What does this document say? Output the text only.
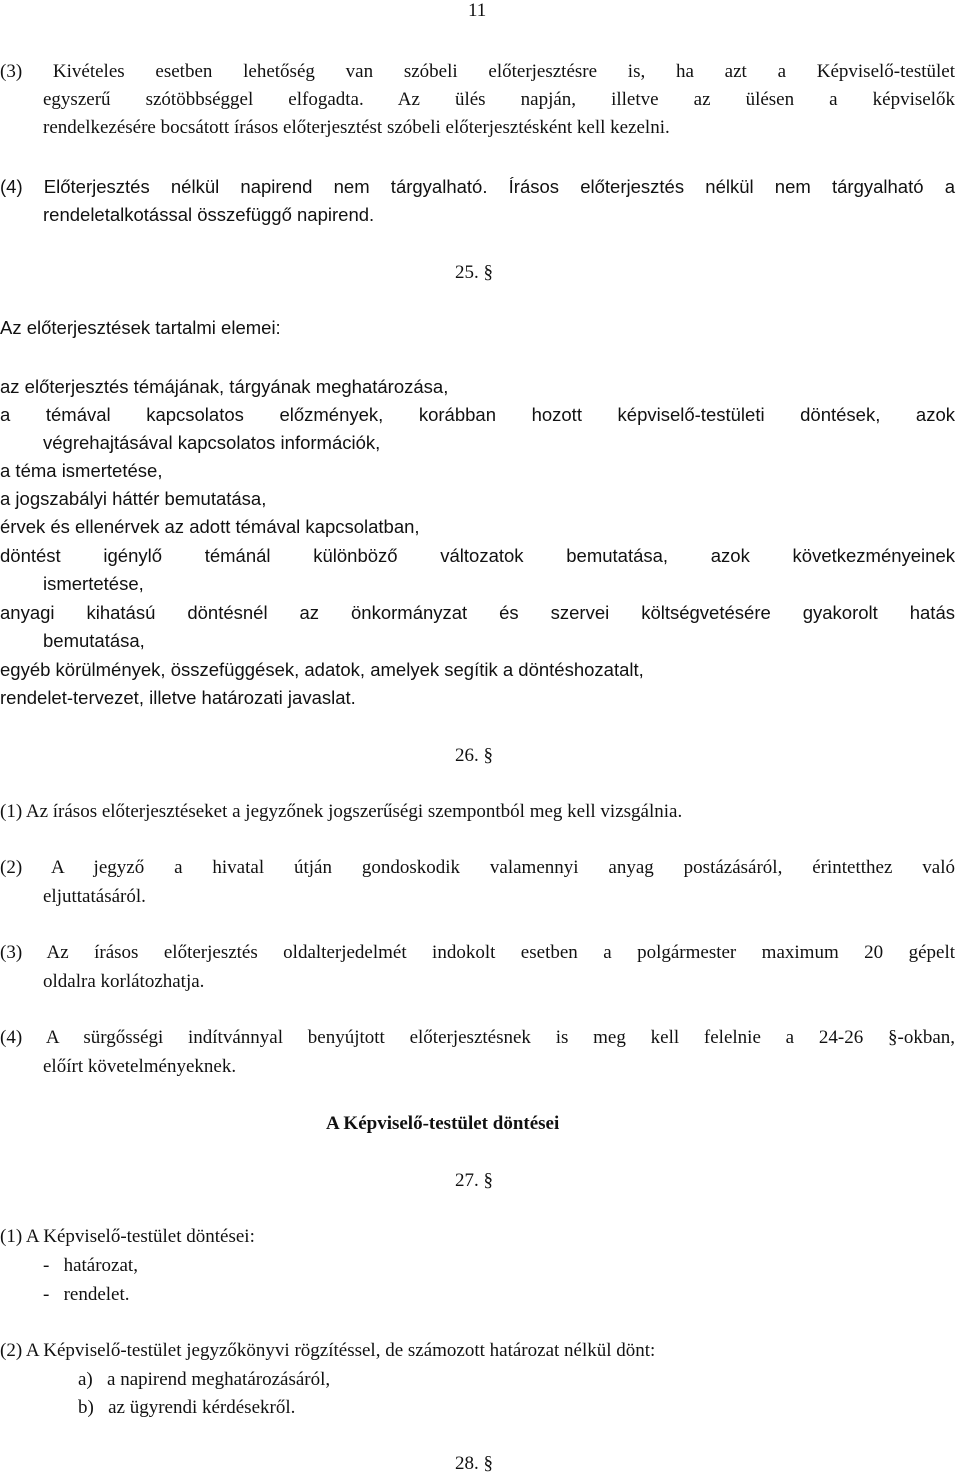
11
(3) Kivételes esetben lehetőség van szóbeli előterjesztésre is, ha azt a Képviselő-testület
egyszerű szótöbbséggel elfogadta. Az ülés napján, illetve az ülésen a képviselők
rendelkezésére bocsátott írásos előterjesztést szóbeli előterjesztésként kell kezelni.
(4) Előterjesztés nélkül napirend nem tárgyalható. Írásos előterjesztés nélkül nem tárgyalható a
rendeletalkotással összefüggő napirend.
25. §
Az előterjesztések tartalmi elemei:
az előterjesztés témájának, tárgyának meghatározása,
a témával kapcsolatos előzmények, korábban hozott képviselő-testületi döntések, azok
végrehajtásával kapcsolatos információk,
a téma ismertetése,
a jogszabályi háttér bemutatása,
érvek és ellenérvek az adott témával kapcsolatban,
döntést igénylő témánál különböző változatok bemutatása, azok következményeinek
ismertetése,
anyagi kihatású döntésnél az önkormányzat és szervei költségvetésére gyakorolt hatás
bemutatása,
egyéb körülmények, összefüggések, adatok, amelyek segítik a döntéshozatalt,
rendelet-tervezet, illetve határozati javaslat.
26. §
(1) Az írásos előterjesztéseket a jegyzőnek jogszerűségi szempontból meg kell vizsgálnia.
(2) A jegyző a hivatal útján gondoskodik valamennyi anyag postázásáról, érintetthez való
eljuttatásáról.
(3) Az írásos előterjesztés oldalterjedelmét indokolt esetben a polgármester maximum 20 gépelt
oldalra korlátozhatja.
(4) A sürgősségi indítvánnyal benyújtott előterjesztésnek is meg kell felelnie a 24-26 §-okban,
előírt követelményeknek.
A Képviselő-testület döntései
27. §
(1) A Képviselő-testület döntései:
-   határozat,
-   rendelet.
(2) A Képviselő-testület jegyzőkönyvi rögzítéssel, de számozott határozat nélkül dönt:
a)   a napirend meghatározásáról,
b)   az ügyrendi kérdésekről.
28. §
